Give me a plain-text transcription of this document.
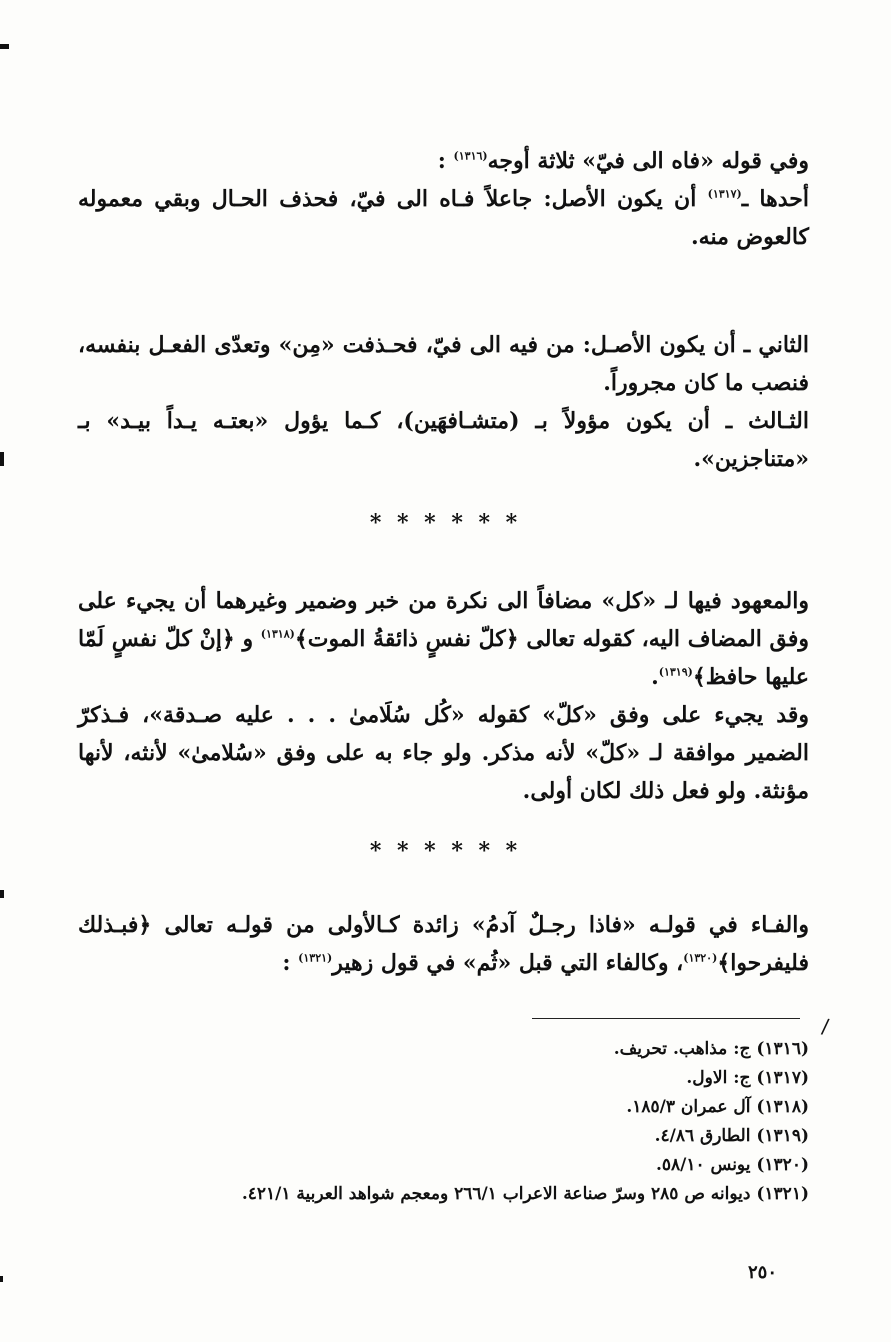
وفي قوله «فاه الى فيّ» ثلاثة أوجه$^{(١٣١٦)}$ :

أحدها ـ$^{(١٣١٧)}$ أن يكون الأصل: جاعلاً فـاه الى فيّ، فحذف الحـال وبقي معموله كالعوض منه.

الثاني ـ أن يكون الأصـل: من فيه الى فيّ، فحـذفت «مِن» وتعدّى الفعـل بنفسه، فنصب ما كان مجروراً.

الثـالث ـ أن يكون مؤولاً بـ (متشـافهَين)، كـما يؤول «بعتـه يـداً بيـد» بـ «متناجزين».

* * * * * *

والمعهود فيها لـ «كل» مضافاً الى نكرة من خبر وضمير وغيرهما أن يجيء على وفق المضاف اليه، كقوله تعالى ﴿كلّ نفسٍ ذائقةُ الموت﴾$^{(١٣١٨)}$ و ﴿إنْ كلّ نفسٍ لَمّا عليها حافظ﴾$^{(١٣١٩)}$.

وقد يجيء على وفق «كلّ» كقوله «كُل سُلَامىٰ . . . عليه صـدقة»، فـذكرّ الضمير موافقة لـ «كلّ» لأنه مذكر. ولو جاء به على وفق «سُلامىٰ» لأنثه، لأنها مؤنثة. ولو فعل ذلك لكان أولى.

* * * * * *

والفـاء في قولـه «فاذا رجـلٌ آدمُ» زائدة كـالأولى من قولـه تعالى ﴿فبـذلك فليفرحوا﴾$^{(١٣٢٠)}$، وكالفاء التي قبل «ثُم» في قول زهير$^{(١٣٢١)}$ :

/
(١٣١٦) ج: مذاهب. تحريف.
(١٣١٧) ج: الاول.
(١٣١٨) آل عمران ١٨٥/٣.
(١٣١٩) الطارق ٤/٨٦.
(١٣٢٠) يونس ٥٨/١٠.
(١٣٢١) ديوانه ص ٢٨٥ وسرّ صناعة الاعراب ٢٦٦/١ ومعجم شواهد العربية ٤٢١/١.
٢٥٠
